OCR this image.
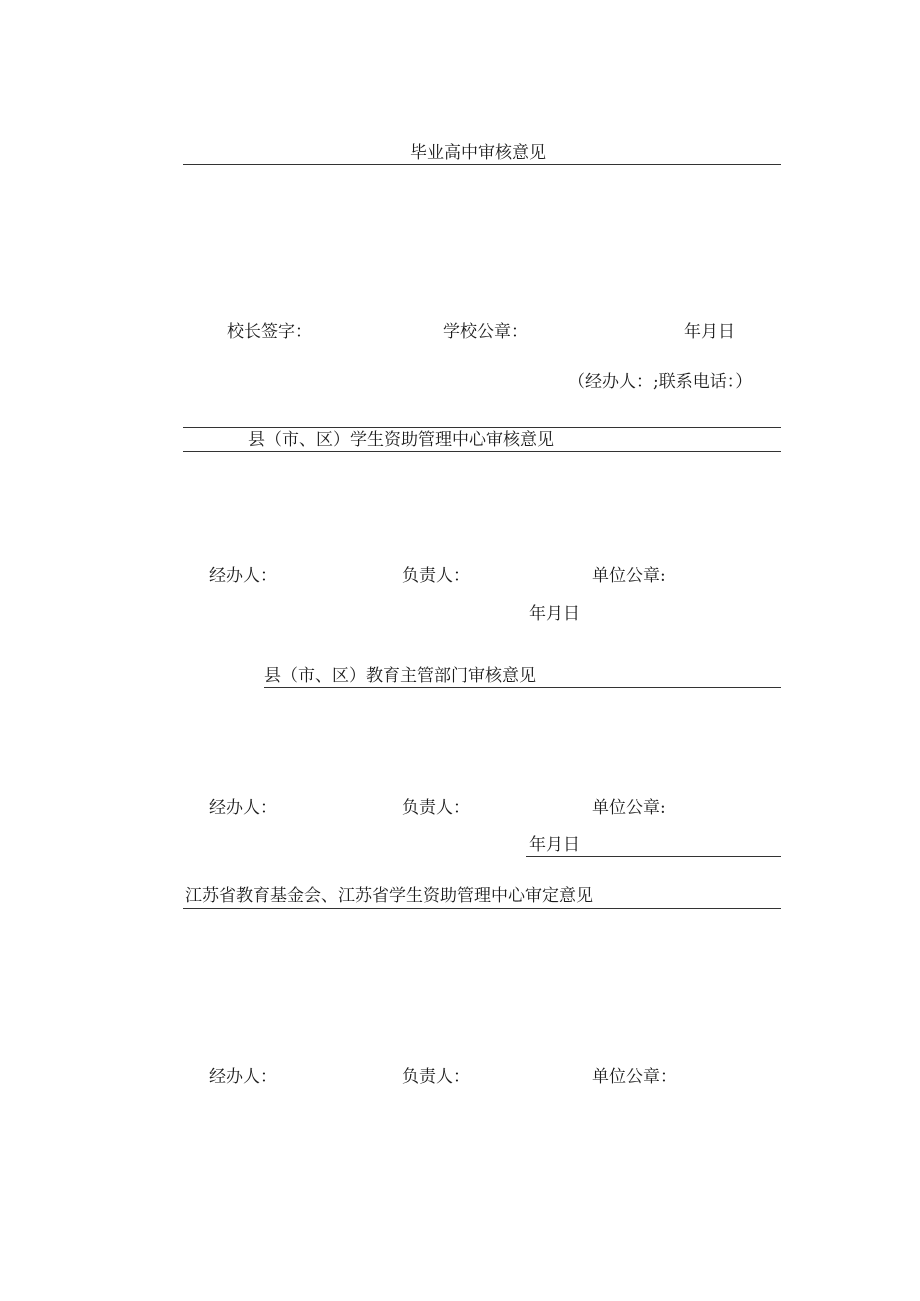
毕业高中审核意见
校长签字：	学校公章：	年月日
（经办人：;联系电话：）
县（市、区）学生资助管理中心审核意见
经办人：	负责人：	单位公章:
年月日
县（市、区）教育主管部门审核意见
经办人：	负责人：	单位公章:
年月日
江苏省教育基金会、江苏省学生资助管理中心审定意见
经办人：	负责人：	单位公章：
